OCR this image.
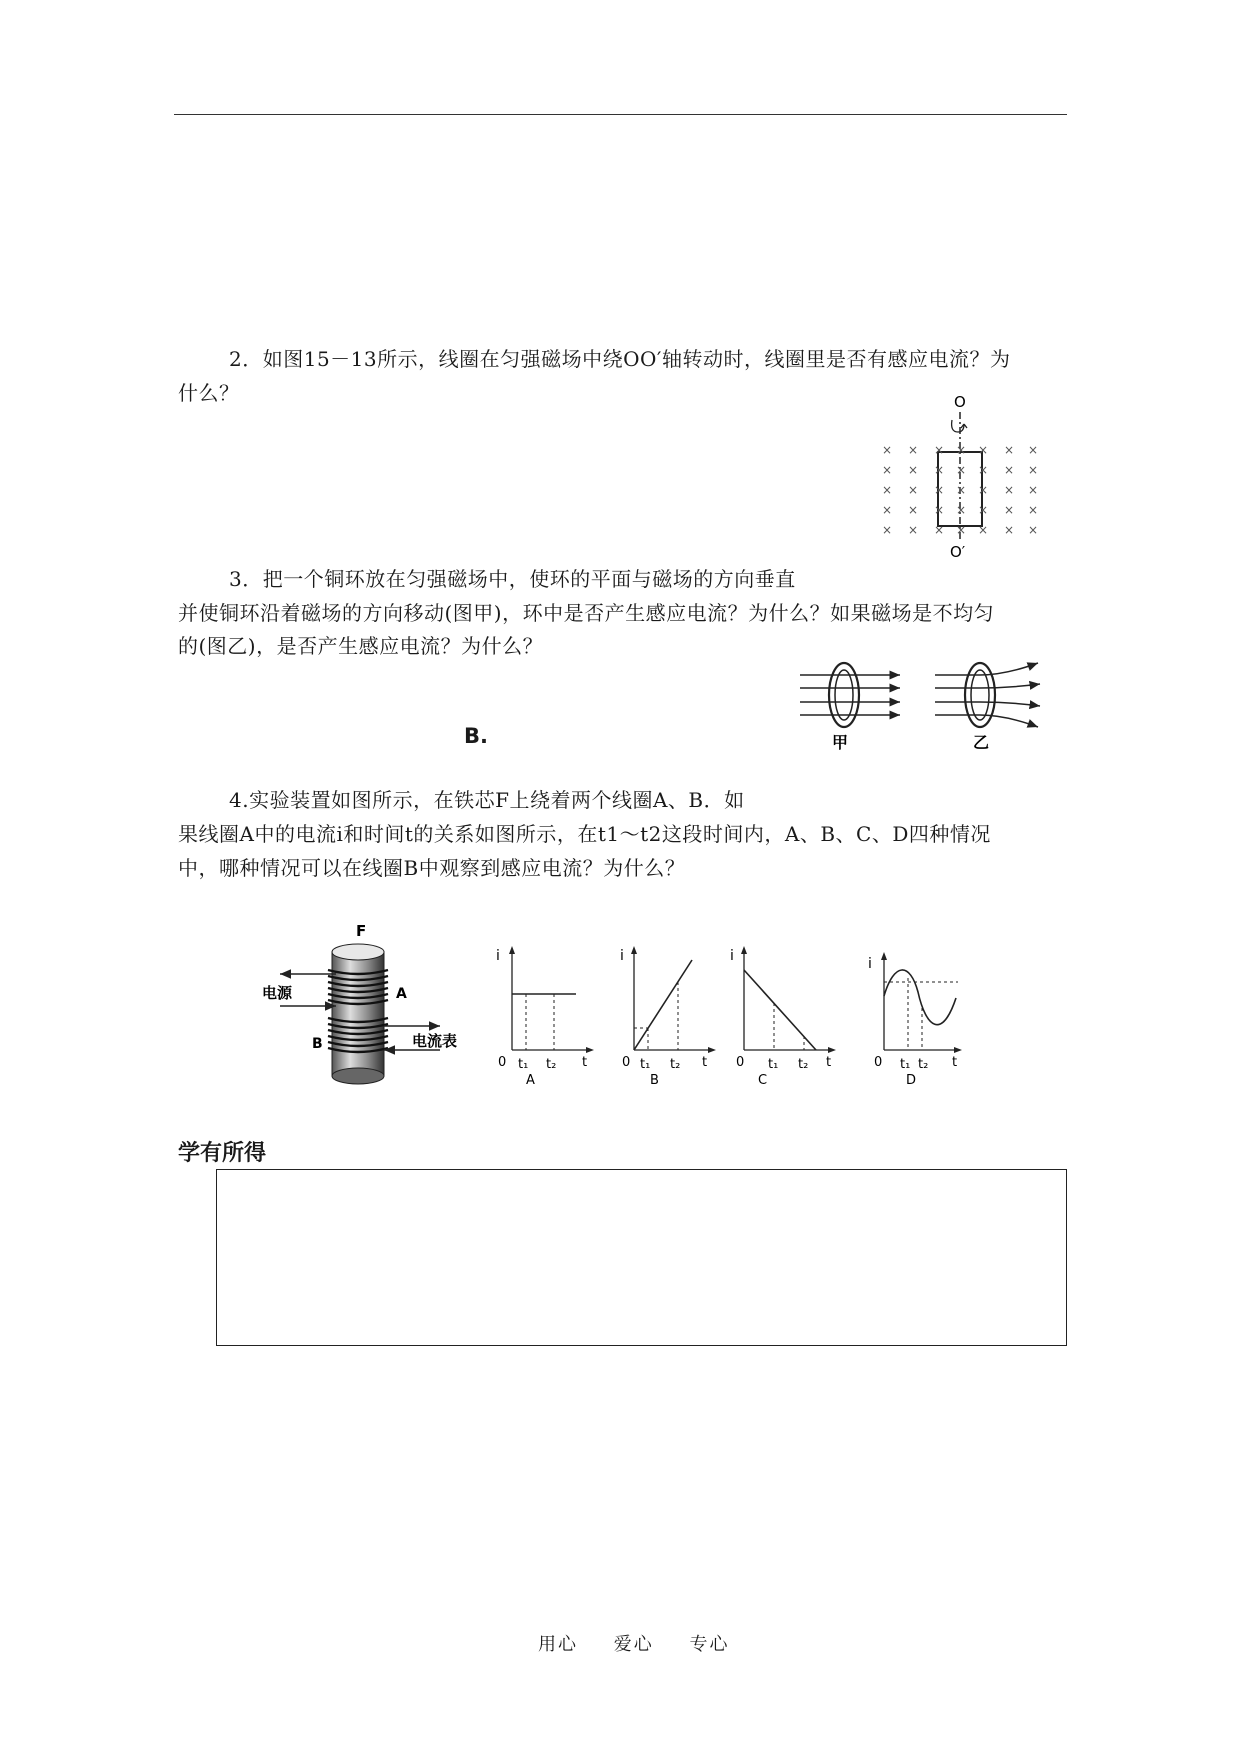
2．如图15－13所示，线圈在匀强磁场中绕OO′轴转动时，线圈里是否有感应电流？为
什么？	O
× × × × × × ×
× × × × × × ×
× × × × × × ×
× × × × × × ×
× × × × × × ×
O′
3．把一个铜环放在匀强磁场中，使环的平面与磁场的方向垂直
并使铜环沿着磁场的方向移动(图甲)，环中是否产生感应电流？为什么？如果磁场是不均匀
的(图乙)，是否产生感应电流？为什么？
B.	甲	乙
4.实验装置如图所示，在铁芯F上绕着两个线圈A、B．如
果线圈A中的电流i和时间t的关系如图所示，在t1～t2这段时间内，A、B、C、D四种情况
中，哪种情况可以在线圈B中观察到感应电流？为什么？
F
电源	A
B	电流表
i
0 t₁ t₂ t
A
i
0 t₁ t₂ t
B
i
0 t₁ t₂ t
C
i
0 t₁ t₂ t
D
学有所得
用心 爱心 专心
